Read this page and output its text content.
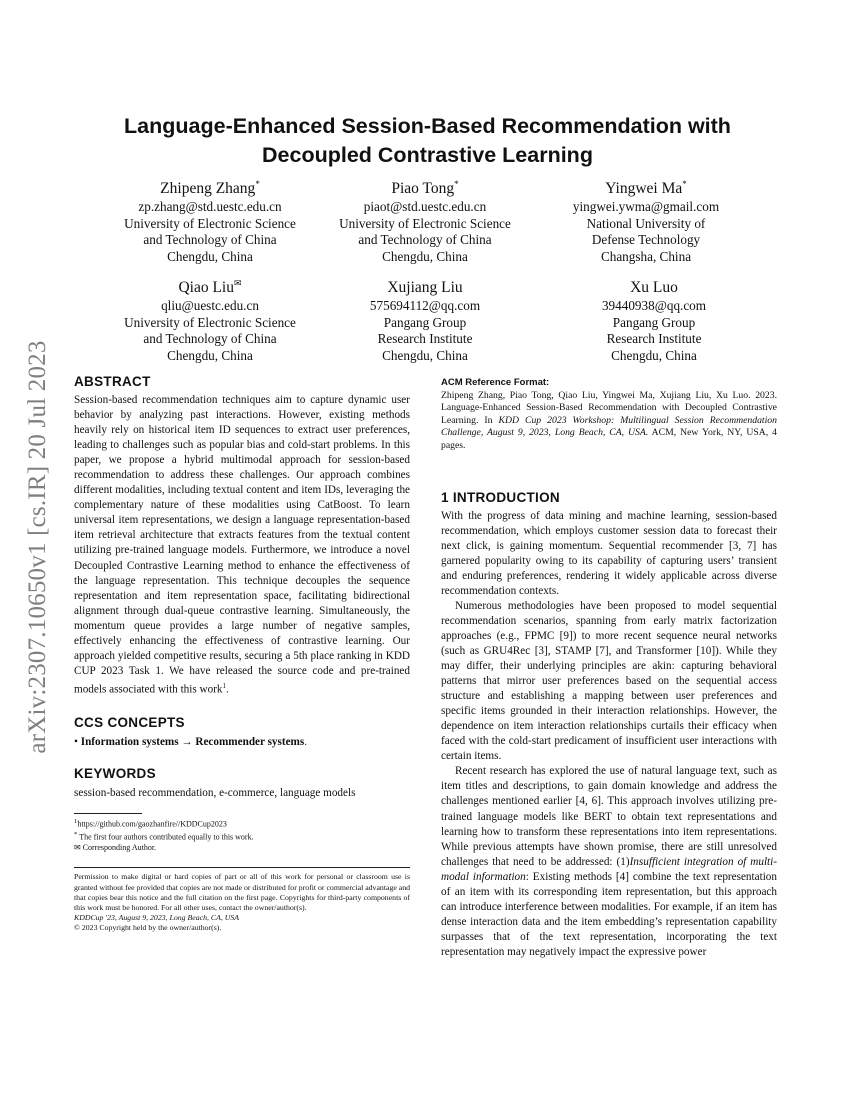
arXiv:2307.10650v1 [cs.IR] 20 Jul 2023
Language-Enhanced Session-Based Recommendation with
Decoupled Contrastive Learning
Zhipeng Zhang*
zp.zhang@std.uestc.edu.cn
University of Electronic Science
and Technology of China
Chengdu, China
Piao Tong*
piaot@std.uestc.edu.cn
University of Electronic Science
and Technology of China
Chengdu, China
Yingwei Ma*
yingwei.ywma@gmail.com
National University of
Defense Technology
Changsha, China
Qiao Liu✉
qliu@uestc.edu.cn
University of Electronic Science
and Technology of China
Chengdu, China
Xujiang Liu
575694112@qq.com
Pangang Group
Research Institute
Chengdu, China
Xu Luo
39440938@qq.com
Pangang Group
Research Institute
Chengdu, China
ABSTRACT
Session-based recommendation techniques aim to capture dynamic user behavior by analyzing past interactions. However, existing methods heavily rely on historical item ID sequences to extract user preferences, leading to challenges such as popular bias and cold-start problems. In this paper, we propose a hybrid multimodal approach for session-based recommendation to address these challenges. Our approach combines different modalities, including textual content and item IDs, leveraging the complementary nature of these modalities using CatBoost. To learn universal item representations, we design a language representation-based item retrieval architecture that extracts features from the textual content utilizing pre-trained language models. Furthermore, we introduce a novel Decoupled Contrastive Learning method to enhance the effectiveness of the language representation. This technique decouples the sequence representation and item representation space, facilitating bidirectional alignment through dual-queue contrastive learning. Simultaneously, the momentum queue provides a large number of negative samples, effectively enhancing the effectiveness of contrastive learning. Our approach yielded competitive results, securing a 5th place ranking in KDD CUP 2023 Task 1. We have released the source code and pre-trained models associated with this work$^1$.
CCS CONCEPTS
• Information systems → Recommender systems.
KEYWORDS
session-based recommendation, e-commerce, language models
$^1$https://github.com/gaozhanfire//KDDCup2023
* The first four authors contributed equally to this work.
✉ Corresponding Author.
Permission to make digital or hard copies of part or all of this work for personal or classroom use is granted without fee provided that copies are not made or distributed for profit or commercial advantage and that copies bear this notice and the full citation on the first page. Copyrights for third-party components of this work must be honored. For all other uses, contact the owner/author(s).
KDDCup '23, August 9, 2023, Long Beach, CA, USA
© 2023 Copyright held by the owner/author(s).
ACM Reference Format:
Zhipeng Zhang, Piao Tong, Qiao Liu, Yingwei Ma, Xujiang Liu, Xu Luo. 2023. Language-Enhanced Session-Based Recommendation with Decoupled Contrastive Learning. In KDD Cup 2023 Workshop: Multilingual Session Recommendation Challenge, August 9, 2023, Long Beach, CA, USA. ACM, New York, NY, USA, 4 pages.
1 INTRODUCTION
With the progress of data mining and machine learning, session-based recommendation, which employs customer session data to forecast their next click, is gaining momentum. Sequential recommender [3, 7] has garnered popularity owing to its capability of capturing users’ transient and enduring preferences, rendering it widely applicable across diverse recommendation contexts.
Numerous methodologies have been proposed to model sequential recommendation scenarios, spanning from early matrix factorization approaches (e.g., FPMC [9]) to more recent sequence neural networks (such as GRU4Rec [3], STAMP [7], and Transformer [10]). While they may differ, their underlying principles are akin: capturing behavioral patterns that mirror user preferences based on the sequential access structure and establishing a mapping between user preferences and specific items grounded in their interaction relationships. However, the dependence on item interaction relationships curtails their efficacy when faced with the cold-start predicament of insufficient user interactions with certain items.
Recent research has explored the use of natural language text, such as item titles and descriptions, to gain domain knowledge and address the challenges mentioned earlier [4, 6]. This approach involves utilizing pre-trained language models like BERT to obtain text representations and learning how to transform these representations into item representations. While previous attempts have shown promise, there are still unresolved challenges that need to be addressed: (1)Insufficient integration of multi-modal information: Existing methods [4] combine the text representation of an item with its corresponding item representation, but this approach can introduce interference between modalities. For example, if an item has dense interaction data and the item embedding’s representation capability surpasses that of the text representation, incorporating the text representation may negatively impact the expressive power
